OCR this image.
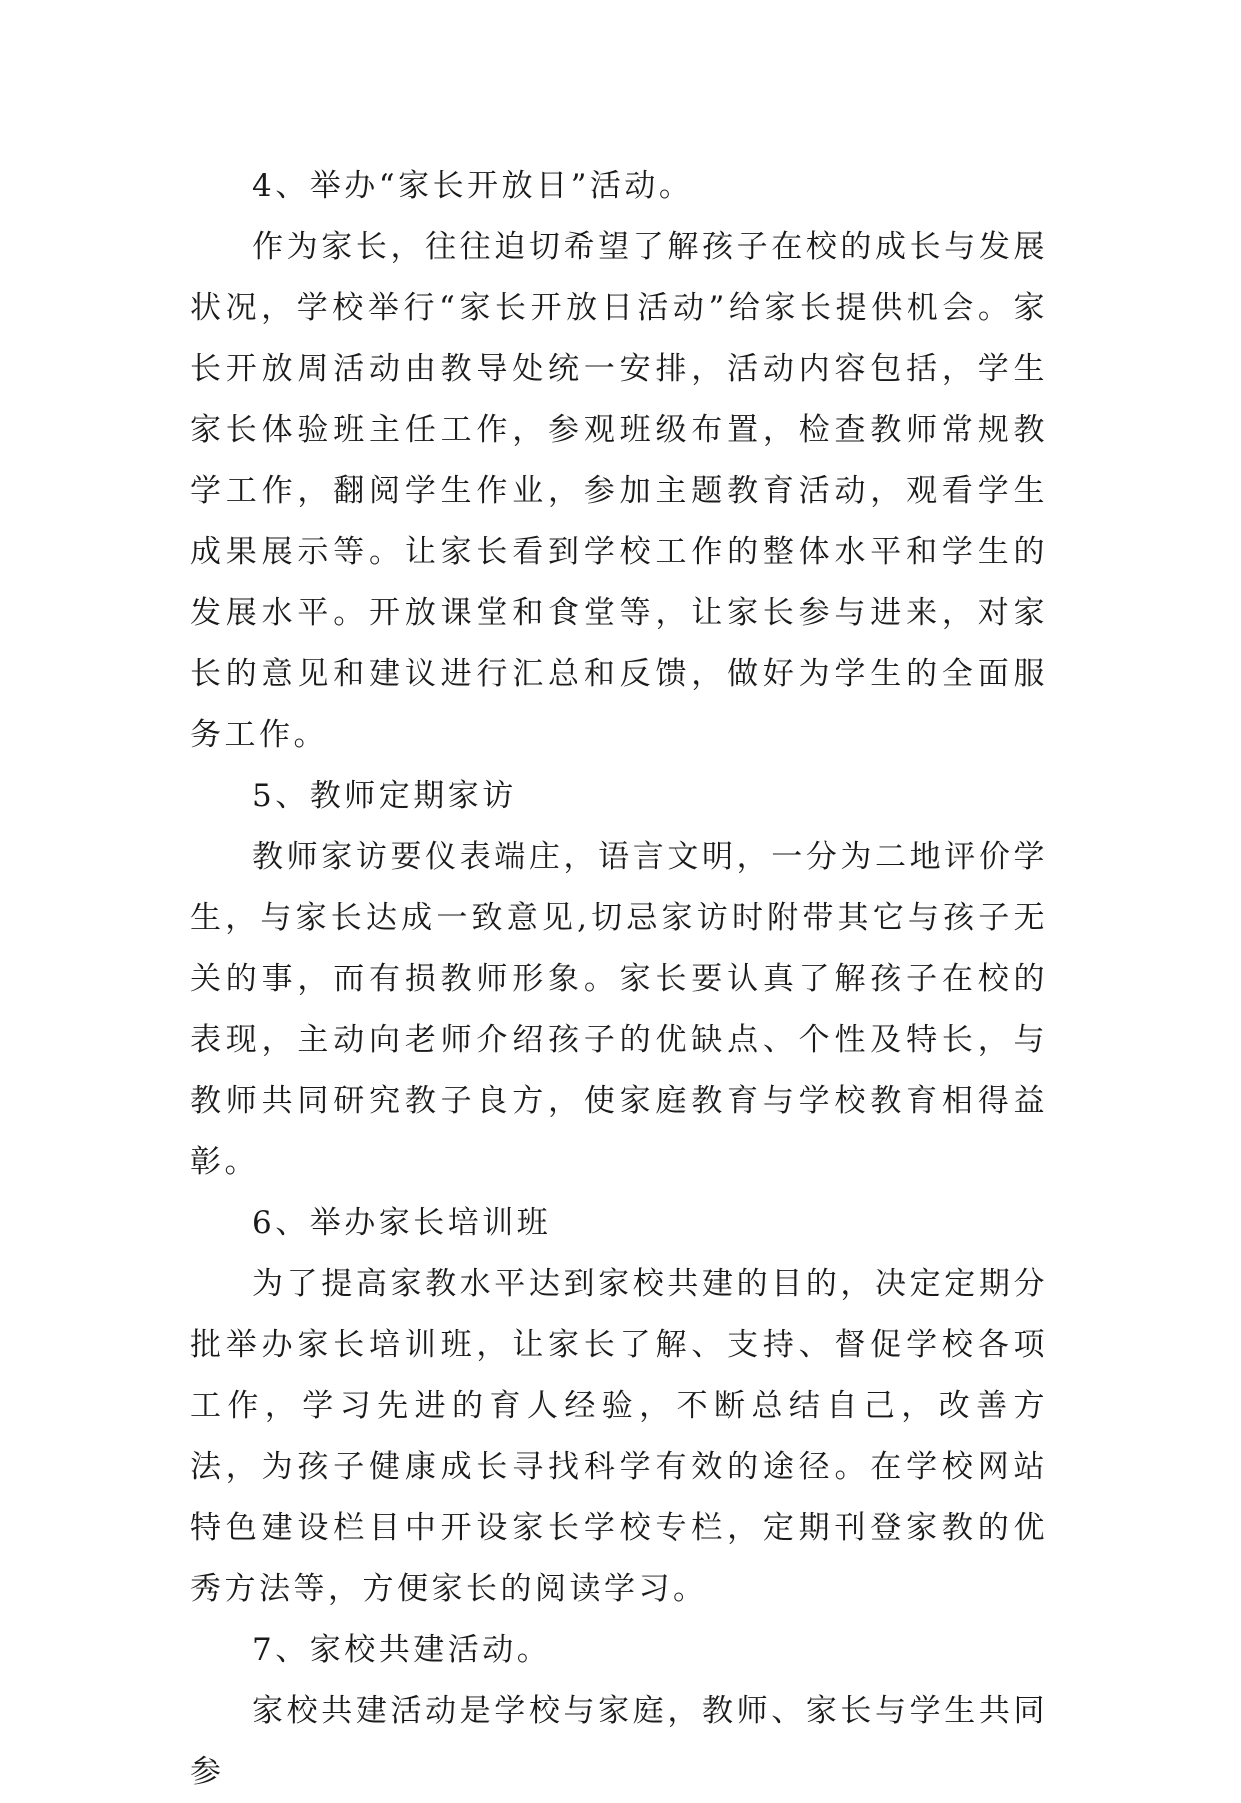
4、举办“家长开放日”活动。

作为家长，往往迫切希望了解孩子在校的成长与发展状况，学校举行“家长开放日活动”给家长提供机会。家长开放周活动由教导处统一安排，活动内容包括，学生家长体验班主任工作，参观班级布置，检查教师常规教学工作，翻阅学生作业，参加主题教育活动，观看学生成果展示等。让家长看到学校工作的整体水平和学生的发展水平。开放课堂和食堂等，让家长参与进来，对家长的意见和建议进行汇总和反馈，做好为学生的全面服务工作。

5、教师定期家访

教师家访要仪表端庄，语言文明，一分为二地评价学生，与家长达成一致意见,切忌家访时附带其它与孩子无关的事，而有损教师形象。家长要认真了解孩子在校的表现，主动向老师介绍孩子的优缺点、个性及特长，与教师共同研究教子良方，使家庭教育与学校教育相得益彰。

6、举办家长培训班

为了提高家教水平达到家校共建的目的，决定定期分批举办家长培训班，让家长了解、支持、督促学校各项工作，学习先进的育人经验，不断总结自己，改善方法，为孩子健康成长寻找科学有效的途径。在学校网站特色建设栏目中开设家长学校专栏，定期刊登家教的优秀方法等，方便家长的阅读学习。

7、家校共建活动。

家校共建活动是学校与家庭，教师、家长与学生共同参
